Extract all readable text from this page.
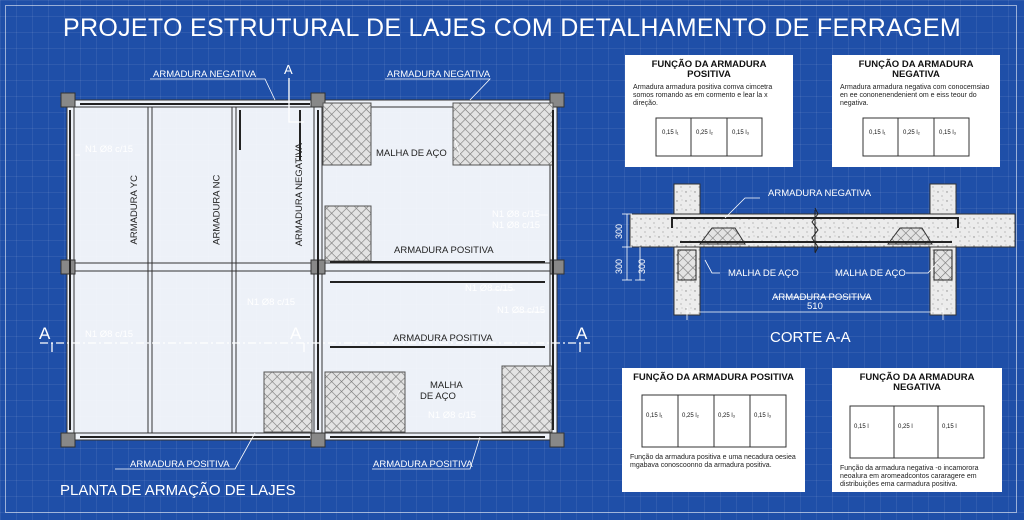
PROJETO ESTRUTURAL DE LAJES COM DETALHAMENTO DE FERRAGEM
ARMADURA NEGATIVA A	ARMADURA NEGATIVA
N1 Ø8 c/15
N1 Ø8 c/15
N1 Ø8 c/15
N1 Ø8 c/15
N1 Ø8 c/15
N1 Ø8 c/15
N1 Ø8 c/15
N1 Ø8 c/15
ARMADURA YC	ARMADURA NC	ARMADURA NEGATIVA	MALHA DE AÇO
ARMADURA POSITIVA
ARMADURA POSITIVA
MALHA
DE AÇO
A	A	A
ARMADURA POSITIVA	ARMADURA POSITIVA
PLANTA DE ARMAÇÃO DE LAJES
ARMADURA NEGATIVA
MALHA DE AÇO	MALHA DE AÇO
ARMADURA POSITIVA
300
300 300
510
CORTE A-A
FUNÇÃO DA ARMADURA POSITIVA
Armadura armadura positiva comva cimcetra somos romando as em cormento e lear la x direção.
0,15 l₁	0,25 l₂	0,15 l₃
FUNÇÃO DA ARMADURA NEGATIVA
Armadura armadura negativa com conocemsiao en ee cononenendenient om e eiss teour do negativa.
0,15 l₁	0,25 l₂	0,15 l₃
FUNÇÃO DA ARMADURA POSITIVA
0,15 l₁	0,25 l₂	0,25 l₃	0,15 l₃
Função da armadura positiva e uma necadura oesiea mgabava conoscoonno da armadura positiva.
FUNÇÃO DA ARMADURA NEGATIVA
0,15 l	0,25 l	0,15 l
Função da armadura negativa -o incamorora neoalura em aromeadcontos cararagere em distribuições ema carmadura positiva.
